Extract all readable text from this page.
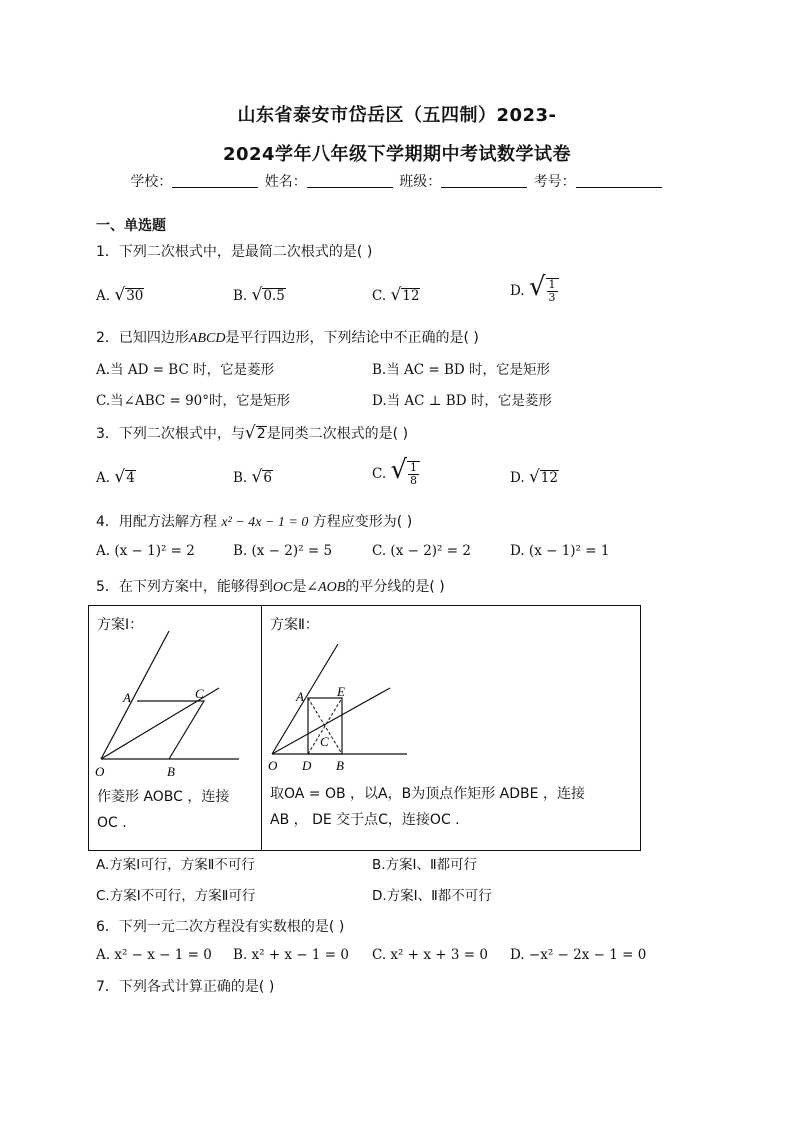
山东省泰安市岱岳区（五四制）2023-
2024学年八年级下学期期中考试数学试卷
学校：	姓名：	班级：	考号：
一、单选题
1．下列二次根式中，是最简二次根式的是( )
A. √30	B. √0.5	C. √12	D. √ $\frac{1}{3}$
2．已知四边形ABCD是平行四边形，下列结论中不正确的是( )
A.当 AD = BC 时，它是菱形	B.当 AC = BD 时，它是矩形
C.当∠ABC = 90°时，它是矩形	D.当 AC ⊥ BD 时，它是菱形
3．下列二次根式中，与√2是同类二次根式的是( )
A. √4	B. √6	C. √ $\frac{1}{8}$	D. √12
4．用配方法解方程 x² − 4x − 1 = 0 方程应变形为( )
A. (x − 1)² = 2	B. (x − 2)² = 5	C. (x − 2)² = 2	D. (x − 1)² = 1
5．在下列方案中，能够得到OC是∠AOB的平分线的是( )
方案Ⅰ：
A	C
O	B
作菱形 AOBC ，连接
OC .

方案Ⅱ：
A	E
C
O D B
取OA = OB ，以A，B为顶点作矩形 ADBE ，连接
AB ， DE 交于点C，连接OC .
A.方案Ⅰ可行，方案Ⅱ不可行	B.方案Ⅰ、Ⅱ都可行
C.方案Ⅰ不可行，方案Ⅱ可行	D.方案Ⅰ、Ⅱ都不可行
6．下列一元二次方程没有实数根的是( )
A. x² − x − 1 = 0 B. x² + x − 1 = 0 C. x² + x + 3 = 0 D. −x² − 2x − 1 = 0
7．下列各式计算正确的是( )
